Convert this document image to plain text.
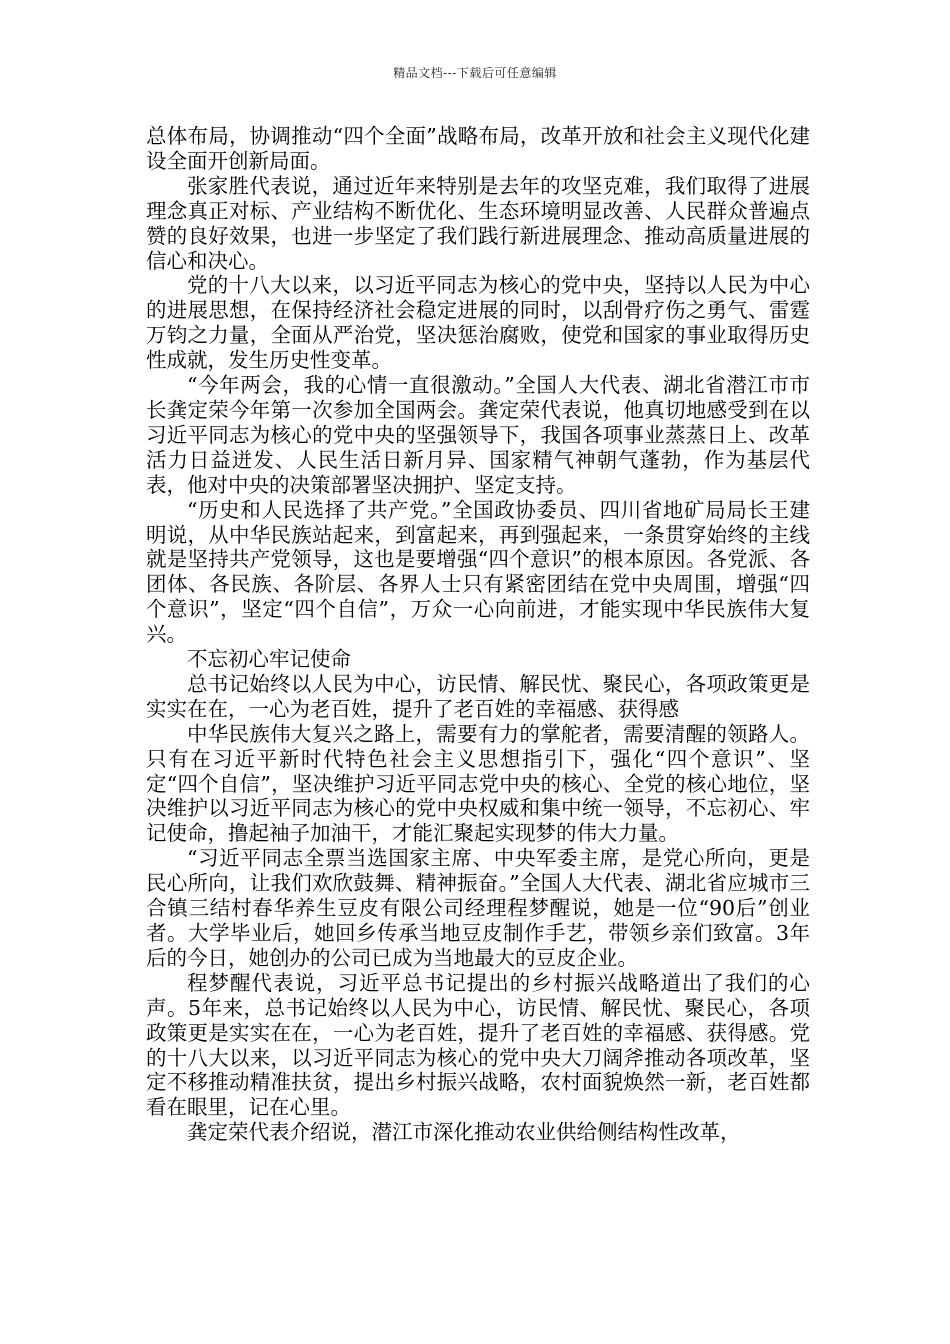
精品文档---下载后可任意编辑

总体布局，协调推动“四个全面”战略布局，改革开放和社会主义现代化建设全面开创新局面。

张家胜代表说，通过近年来特别是去年的攻坚克难，我们取得了进展理念真正对标、产业结构不断优化、生态环境明显改善、人民群众普遍点赞的良好效果，也进一步坚定了我们践行新进展理念、推动高质量进展的信心和决心。

党的十八大以来，以习近平同志为核心的党中央，坚持以人民为中心的进展思想，在保持经济社会稳定进展的同时，以刮骨疗伤之勇气、雷霆万钧之力量，全面从严治党，坚决惩治腐败，使党和国家的事业取得历史性成就，发生历史性变革。

“今年两会，我的心情一直很激动。”全国人大代表、湖北省潜江市市长龚定荣今年第一次参加全国两会。龚定荣代表说，他真切地感受到在以习近平同志为核心的党中央的坚强领导下，我国各项事业蒸蒸日上、改革活力日益迸发、人民生活日新月异、国家精气神朝气蓬勃，作为基层代表，他对中央的决策部署坚决拥护、坚定支持。

“历史和人民选择了共产党。”全国政协委员、四川省地矿局局长王建明说，从中华民族站起来，到富起来，再到强起来，一条贯穿始终的主线就是坚持共产党领导，这也是要增强“四个意识”的根本原因。各党派、各团体、各民族、各阶层、各界人士只有紧密团结在党中央周围，增强“四个意识”，坚定“四个自信”，万众一心向前进，才能实现中华民族伟大复兴。

不忘初心牢记使命

总书记始终以人民为中心，访民情、解民忧、聚民心，各项政策更是实实在在，一心为老百姓，提升了老百姓的幸福感、获得感

中华民族伟大复兴之路上，需要有力的掌舵者，需要清醒的领路人。只有在习近平新时代特色社会主义思想指引下，强化“四个意识”、坚定“四个自信”，坚决维护习近平同志党中央的核心、全党的核心地位，坚决维护以习近平同志为核心的党中央权威和集中统一领导，不忘初心、牢记使命，撸起袖子加油干，才能汇聚起实现梦的伟大力量。

“习近平同志全票当选国家主席、中央军委主席，是党心所向，更是民心所向，让我们欢欣鼓舞、精神振奋。”全国人大代表、湖北省应城市三合镇三结村春华养生豆皮有限公司经理程梦醒说，她是一位“90后”创业者。大学毕业后，她回乡传承当地豆皮制作手艺，带领乡亲们致富。3年后的今日，她创办的公司已成为当地最大的豆皮企业。

程梦醒代表说，习近平总书记提出的乡村振兴战略道出了我们的心声。5年来，总书记始终以人民为中心，访民情、解民忧、聚民心，各项政策更是实实在在，一心为老百姓，提升了老百姓的幸福感、获得感。党的十八大以来，以习近平同志为核心的党中央大刀阔斧推动各项改革，坚定不移推动精准扶贫，提出乡村振兴战略，农村面貌焕然一新，老百姓都看在眼里，记在心里。

龚定荣代表介绍说，潜江市深化推动农业供给侧结构性改革，
